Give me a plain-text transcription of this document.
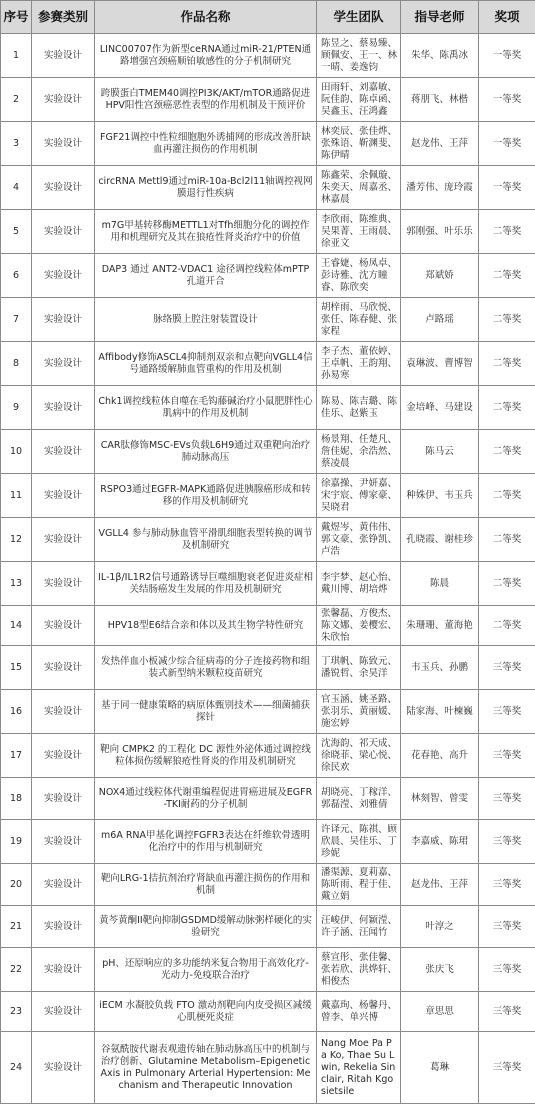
序号	参赛类别	作品名称	学生团队	指导老师	奖项
1	实验设计	LINC00707作为新型ceRNA通过miR-21/PTEN通路增强宫颈癌顺铂敏感性的分子机制研究	陈昱之、蔡易臻、顾佩安、王一、林一晴、姜逸钧	朱华、陈禹冰	一等奖
2	实验设计	跨膜蛋白TMEM40调控PI3K/AKT/mTOR通路促进HPV阳性宫颈癌恶性表型的作用机制及干预评价	田雨轩、刘嘉敏、阮佳韵、陈卓函、吴鑫玉、汪鸿鑫	蒋朋飞、林楷	一等奖
3	实验设计	FGF21调控中性粒细胞胞外诱捕网的形成改善肝缺血再灌注损伤的作用机制	林奕辰、张佳烨、张殊语、靳渊斐、陈伊晴	赵龙伟、王萍	一等奖
4	实验设计	circRNA Mettl9通过miR-10a-Bcl2l11轴调控视网膜退行性疾病	陈鑫荣、余佩璇、朱奕天、周嘉丞、林嘉晨	潘芳伟、庞玲霞	一等奖
5	实验设计	m7G甲基转移酶METTL1对Tfh细胞分化的调控作用和机理研究及其在狼疮性肾炎治疗中的价值	李欣雨、陈维典、吴果菁、王雨晨、徐亚文	郭刚强、叶乐乐	二等奖
6	实验设计	DAP3 通过 ANT2-VDAC1 途径调控线粒体mPTP 孔道开合	王睿婕、杨凤卓、彭诗雅、沈方瞳睿、陈欣奕	郑斌娇	二等奖
7	实验设计	脉络膜上腔注射装置设计	胡梓雨、马欣悦、张任、陈春健、张家程	卢路瑶	二等奖
8	实验设计	Affibody修饰ASCL4抑制剂双亲和点靶向VGLL4信号通路缓解肺血管重构的作用及机制	李子杰、董依婷、王卓帆、王韵翔、孙易寒	袁琳波、曹博智	二等奖
9	实验设计	Chk1调控线粒体自噬在毛钩藤碱治疗小鼠肥胖性心肌病中的作用及机制	陈易、陈吉璐、陈佳乐、赵紫玉	金培峰、马建设	二等奖
10	实验设计	CAR肽修饰MSC-EVs负载L6H9通过双重靶向治疗肺动脉高压	杨景翔、任楚凡、詹佳妮、余浩然、蔡凌晨	陈马云	二等奖
11	实验设计	RSPO3通过EGFR-MAPK通路促进胰腺癌形成和转移的作用及机制研究	徐嘉操、尹妍嘉、宋宇宸、傅家豪、吴晓君	种姝伊、韦玉兵	二等奖
12	实验设计	VGLL4 参与肺动脉血管平滑肌细胞表型转换的调节及机制研究	戴煜岑、黄伟伟、郭文豪、张铮凯、卢浩	孔晓霞、谢桂珍	二等奖
13	实验设计	IL-1β/IL1R2信号通路诱导巨噬细胞衰老促进炎症相关结肠癌发生发展的作用及机制研究	李宇梦、赵心怡、戴川博、胡培烨	陈晨	二等奖
14	实验设计	HPV18型E6结合亲和体以及其生物学特性研究	张馨磊、方俊杰、陈文娜、姜樱宏、朱欣怡	朱珊珊、董海艳	二等奖
15	实验设计	发热伴血小板减少综合征病毒的分子连接药物和组装式新型纳米颗粒疫苗研究	丁琪帆、陈致元、潘锐哲、余昊洋	韦玉兵、孙鹏	三等奖
16	实验设计	基于同一健康策略的病原体甄别技术——细菌捕获探针	官玉涵、姚圣路、张羽乐、黄丽媛、施宏婷	陆家海、叶楝巍	三等奖
17	实验设计	靶向 CMPK2 的工程化 DC 源性外泌体通过调控线粒体损伤缓解狼疮性肾炎的作用及机制研究	沈海韵、祁天成、徐晓菲、梁心悦、徐民欢	花春艳、高升	三等奖
18	实验设计	NOX4通过线粒体代谢重编程促进胃癌进展及EGFR-TKI耐药的分子机制	胡晓亮、丁稼洋、郭磊滢、刘雅倩	林刻智、曾雯	三等奖
19	实验设计	m6A RNA甲基化调控FGFR3表达在纤维软骨透明化治疗中的作用与机制研究	许译元、陈祺、顾欣晨、吴佳乐、丁珍妮	李嘉威、陈珺	三等奖
20	实验设计	靶向LRG-1拮抗剂治疗肾缺血再灌注损伤的作用和机制	潘渠源、夏莉嘉、陈昕雨、程于佳、戴立娟	赵龙伟、王萍	三等奖
21	实验设计	黄芩黄酮II靶向抑制GSDMD缓解动脉粥样硬化的实验研究	汪峻伊、何颖滢、许子涵、汪闻竹	叶淳之	三等奖
22	实验设计	pH、还原响应的多功能纳米复合物用于高效化疗-光动力-免疫联合治疗	蔡宣彤、张佳馨、张若欣、洪烨轩、相俊杰	张庆飞	三等奖
23	实验设计	iECM 水凝胶负载 FTO 激动剂靶向内皮受损区减缓心肌梗死炎症	戴嘉珣、杨馨丹、曾李、单兴博	章思思	三等奖
24	实验设计	谷氨酰胺代谢表观遗传轴在肺动脉高压中的机制与治疗创新、Glutamine Metabolism–Epigenetic Axis in Pulmonary Arterial Hypertension: Mechanism and Therapeutic Innovation	Nang Moe Pa Pa Ko, Thae Su Lwin, Rekelia Sinclair, Ritah Kgosietsile	葛琳	三等奖
